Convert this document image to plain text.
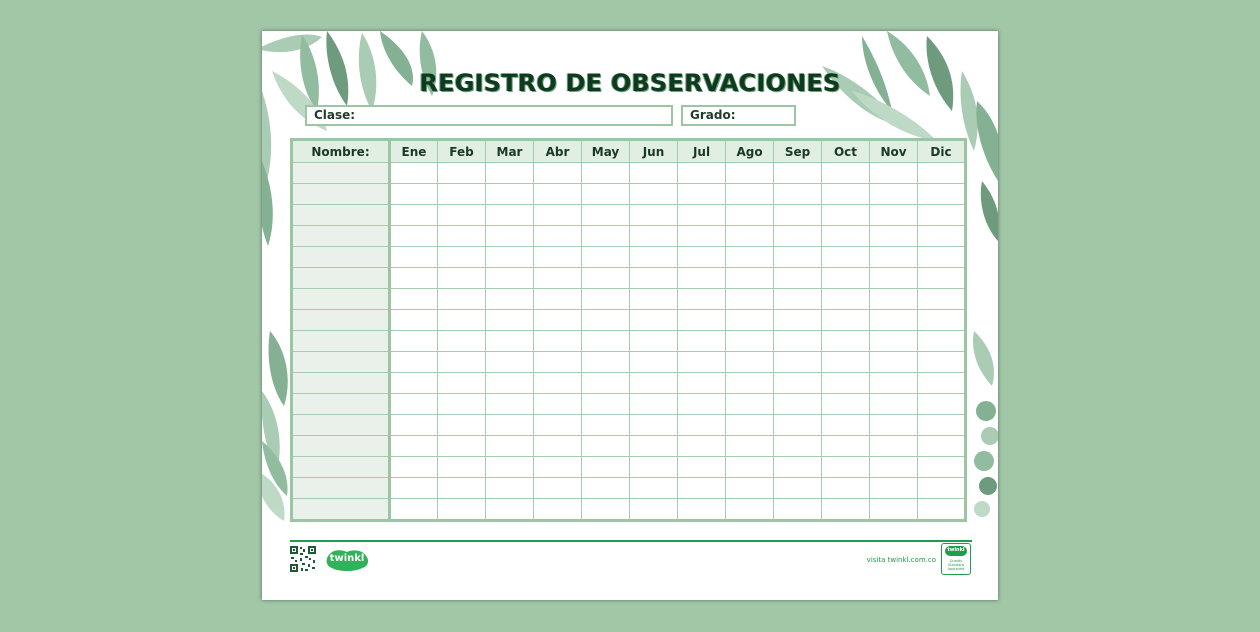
REGISTRO DE OBSERVACIONES
Clase:	Grado:
Nombre:	Ene	Feb	Mar	Abr	May	Jun	Jul	Ago	Sep	Oct	Nov	Dic

twinkl	visita twinkl.com.co
twinkl
Quality Standard Approved
